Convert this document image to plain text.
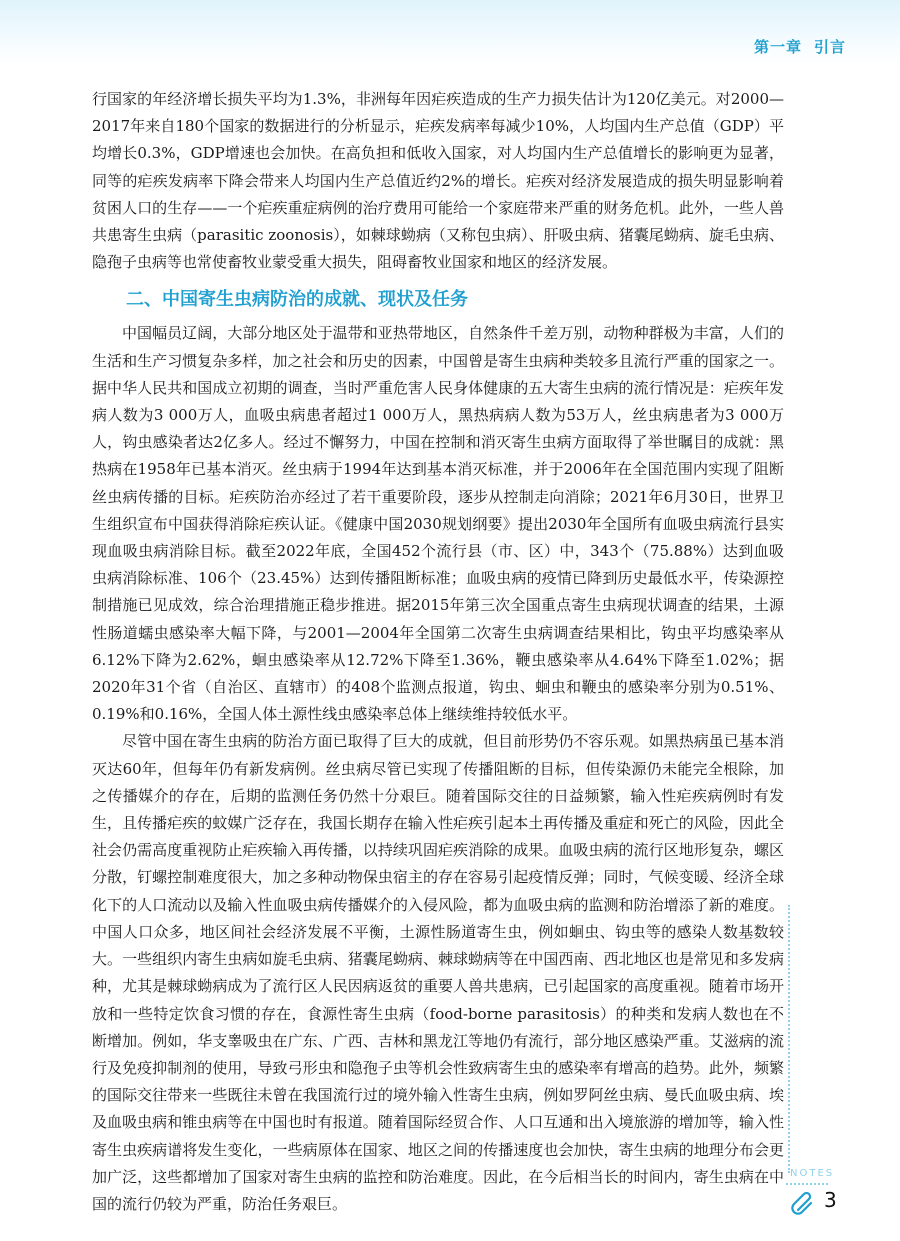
第一章 引言

行国家的年经济增长损失平均为1.3%，非洲每年因疟疾造成的生产力损失估计为120亿美元。对2000—2017年来自180个国家的数据进行的分析显示，疟疾发病率每减少10%，人均国内生产总值（GDP）平均增长0.3%，GDP增速也会加快。在高负担和低收入国家，对人均国内生产总值增长的影响更为显著，同等的疟疾发病率下降会带来人均国内生产总值近约2%的增长。疟疾对经济发展造成的损失明显影响着贫困人口的生存——一个疟疾重症病例的治疗费用可能给一个家庭带来严重的财务危机。此外，一些人兽共患寄生虫病（parasitic zoonosis），如棘球蚴病（又称包虫病）、肝吸虫病、猪囊尾蚴病、旋毛虫病、隐孢子虫病等也常使畜牧业蒙受重大损失，阻碍畜牧业国家和地区的经济发展。

二、中国寄生虫病防治的成就、现状及任务

中国幅员辽阔，大部分地区处于温带和亚热带地区，自然条件千差万别，动物种群极为丰富，人们的生活和生产习惯复杂多样，加之社会和历史的因素，中国曾是寄生虫病种类较多且流行严重的国家之一。据中华人民共和国成立初期的调查，当时严重危害人民身体健康的五大寄生虫病的流行情况是：疟疾年发病人数为3 000万人，血吸虫病患者超过1 000万人，黑热病病人数为53万人，丝虫病患者为3 000万人，钩虫感染者达2亿多人。经过不懈努力，中国在控制和消灭寄生虫病方面取得了举世瞩目的成就：黑热病在1958年已基本消灭。丝虫病于1994年达到基本消灭标准，并于2006年在全国范围内实现了阻断丝虫病传播的目标。疟疾防治亦经过了若干重要阶段，逐步从控制走向消除；2021年6月30日，世界卫生组织宣布中国获得消除疟疾认证。《健康中国2030规划纲要》提出2030年全国所有血吸虫病流行县实现血吸虫病消除目标。截至2022年底，全国452个流行县（市、区）中，343个（75.88%）达到血吸虫病消除标准、106个（23.45%）达到传播阻断标准；血吸虫病的疫情已降到历史最低水平，传染源控制措施已见成效，综合治理措施正稳步推进。据2015年第三次全国重点寄生虫病现状调查的结果，土源性肠道蠕虫感染率大幅下降，与2001—2004年全国第二次寄生虫病调查结果相比，钩虫平均感染率从6.12%下降为2.62%，蛔虫感染率从12.72%下降至1.36%，鞭虫感染率从4.64%下降至1.02%；据2020年31个省（自治区、直辖市）的408个监测点报道，钩虫、蛔虫和鞭虫的感染率分别为0.51%、0.19%和0.16%，全国人体土源性线虫感染率总体上继续维持较低水平。

尽管中国在寄生虫病的防治方面已取得了巨大的成就，但目前形势仍不容乐观。如黑热病虽已基本消灭达60年，但每年仍有新发病例。丝虫病尽管已实现了传播阻断的目标，但传染源仍未能完全根除，加之传播媒介的存在，后期的监测任务仍然十分艰巨。随着国际交往的日益频繁，输入性疟疾病例时有发生，且传播疟疾的蚊媒广泛存在，我国长期存在输入性疟疾引起本土再传播及重症和死亡的风险，因此全社会仍需高度重视防止疟疾输入再传播，以持续巩固疟疾消除的成果。血吸虫病的流行区地形复杂，螺区分散，钉螺控制难度很大，加之多种动物保虫宿主的存在容易引起疫情反弹；同时，气候变暖、经济全球化下的人口流动以及输入性血吸虫病传播媒介的入侵风险，都为血吸虫病的监测和防治增添了新的难度。中国人口众多，地区间社会经济发展不平衡，土源性肠道寄生虫，例如蛔虫、钩虫等的感染人数基数较大。一些组织内寄生虫病如旋毛虫病、猪囊尾蚴病、棘球蚴病等在中国西南、西北地区也是常见和多发病种，尤其是棘球蚴病成为了流行区人民因病返贫的重要人兽共患病，已引起国家的高度重视。随着市场开放和一些特定饮食习惯的存在，食源性寄生虫病（food-borne parasitosis）的种类和发病人数也在不断增加。例如，华支睾吸虫在广东、广西、吉林和黑龙江等地仍有流行，部分地区感染严重。艾滋病的流行及免疫抑制剂的使用，导致弓形虫和隐孢子虫等机会性致病寄生虫的感染率有增高的趋势。此外，频繁的国际交往带来一些既往未曾在我国流行过的境外输入性寄生虫病，例如罗阿丝虫病、曼氏血吸虫病、埃及血吸虫病和锥虫病等在中国也时有报道。随着国际经贸合作、人口互通和出入境旅游的增加等，输入性寄生虫疾病谱将发生变化，一些病原体在国家、地区之间的传播速度也会加快，寄生虫病的地理分布会更加广泛，这些都增加了国家对寄生虫病的监控和防治难度。因此，在今后相当长的时间内，寄生虫病在中国的流行仍较为严重，防治任务艰巨。

NOTES
3
